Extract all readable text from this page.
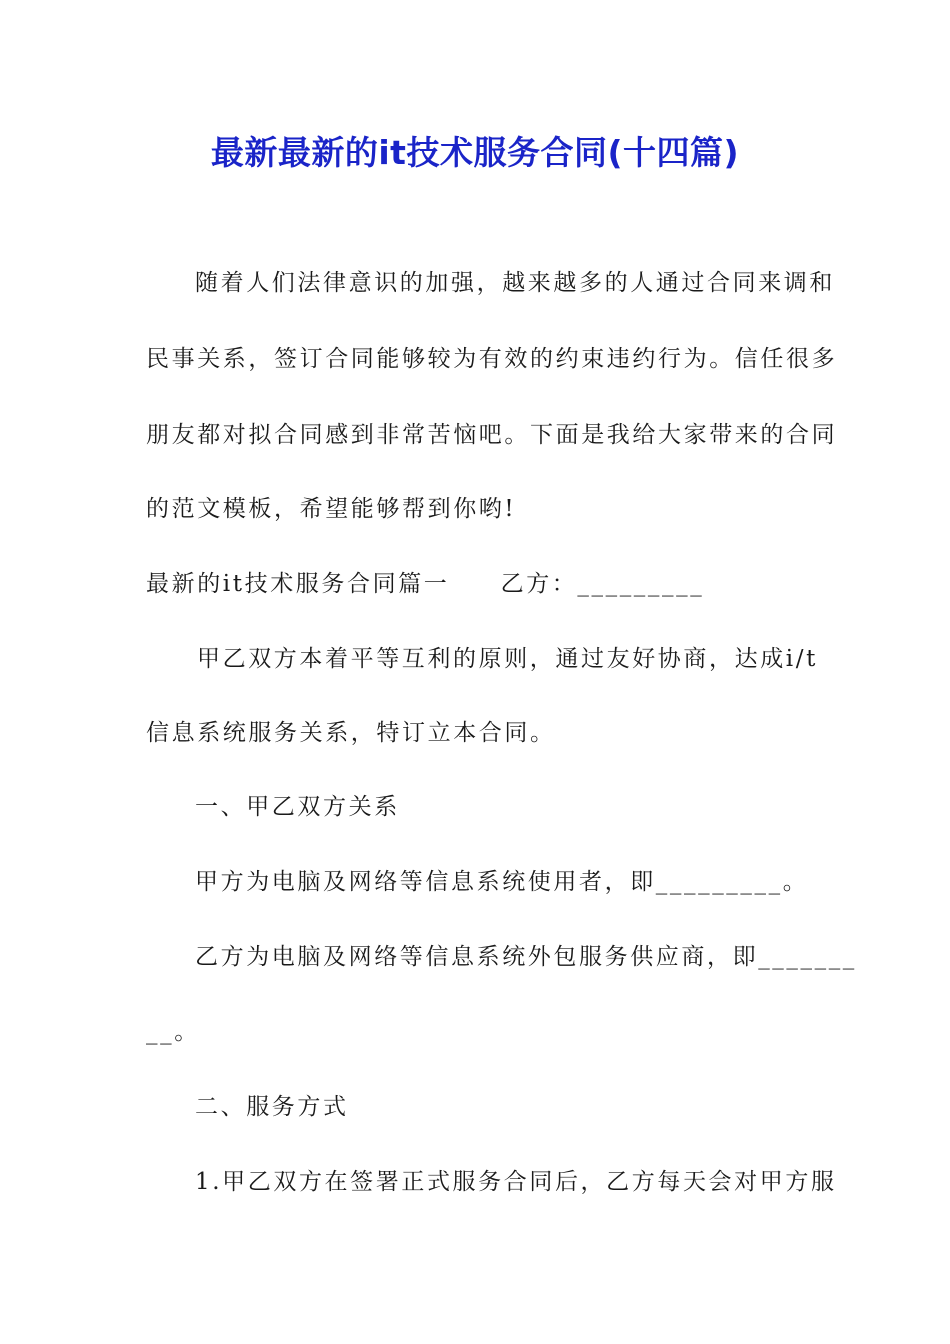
最新最新的it技术服务合同(十四篇)
随着人们法律意识的加强，越来越多的人通过合同来调和
民事关系，签订合同能够较为有效的约束违约行为。信任很多
朋友都对拟合同感到非常苦恼吧。下面是我给大家带来的合同
的范文模板，希望能够帮到你哟!
最新的it技术服务合同篇一　　乙方：_________
甲乙双方本着平等互利的原则，通过友好协商，达成i/t
信息系统服务关系，特订立本合同。
一、甲乙双方关系
甲方为电脑及网络等信息系统使用者，即_________。
乙方为电脑及网络等信息系统外包服务供应商，即_______
__。
二、服务方式
1.甲乙双方在签署正式服务合同后，乙方每天会对甲方服
